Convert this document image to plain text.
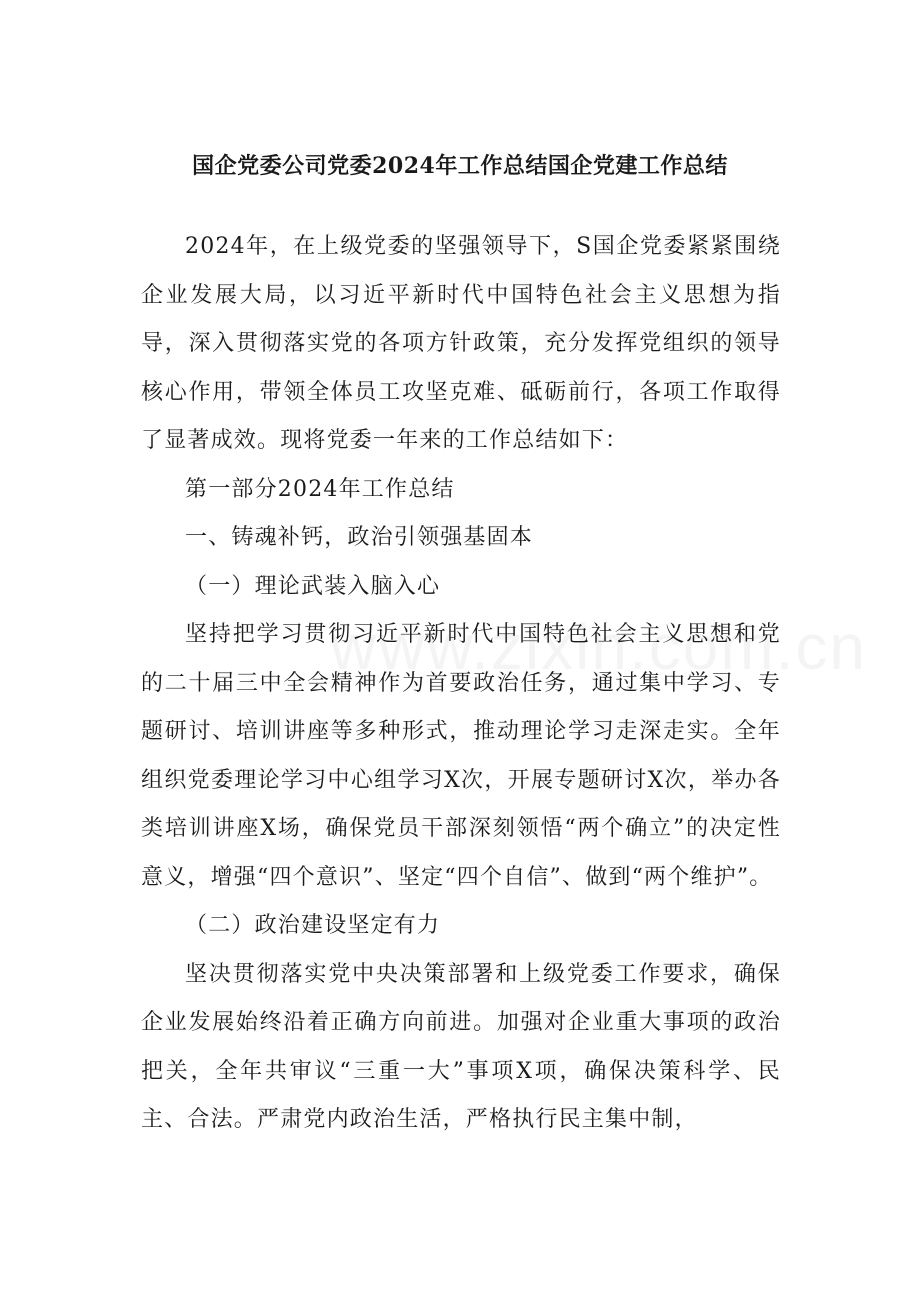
国企党委公司党委2024年工作总结国企党建工作总结

2024年，在上级党委的坚强领导下，S国企党委紧紧围绕企业发展大局，以习近平新时代中国特色社会主义思想为指导，深入贯彻落实党的各项方针政策，充分发挥党组织的领导核心作用，带领全体员工攻坚克难、砥砺前行，各项工作取得了显著成效。现将党委一年来的工作总结如下：

第一部分2024年工作总结

一、铸魂补钙，政治引领强基固本

（一）理论武装入脑入心

坚持把学习贯彻习近平新时代中国特色社会主义思想和党的二十届三中全会精神作为首要政治任务，通过集中学习、专题研讨、培训讲座等多种形式，推动理论学习走深走实。全年组织党委理论学习中心组学习X次，开展专题研讨X次，举办各类培训讲座X场，确保党员干部深刻领悟“两个确立”的决定性意义，增强“四个意识”、坚定“四个自信”、做到“两个维护”。

（二）政治建设坚定有力

坚决贯彻落实党中央决策部署和上级党委工作要求，确保企业发展始终沿着正确方向前进。加强对企业重大事项的政治把关，全年共审议“三重一大”事项X项，确保决策科学、民主、合法。严肃党内政治生活，严格执行民主集中制，
